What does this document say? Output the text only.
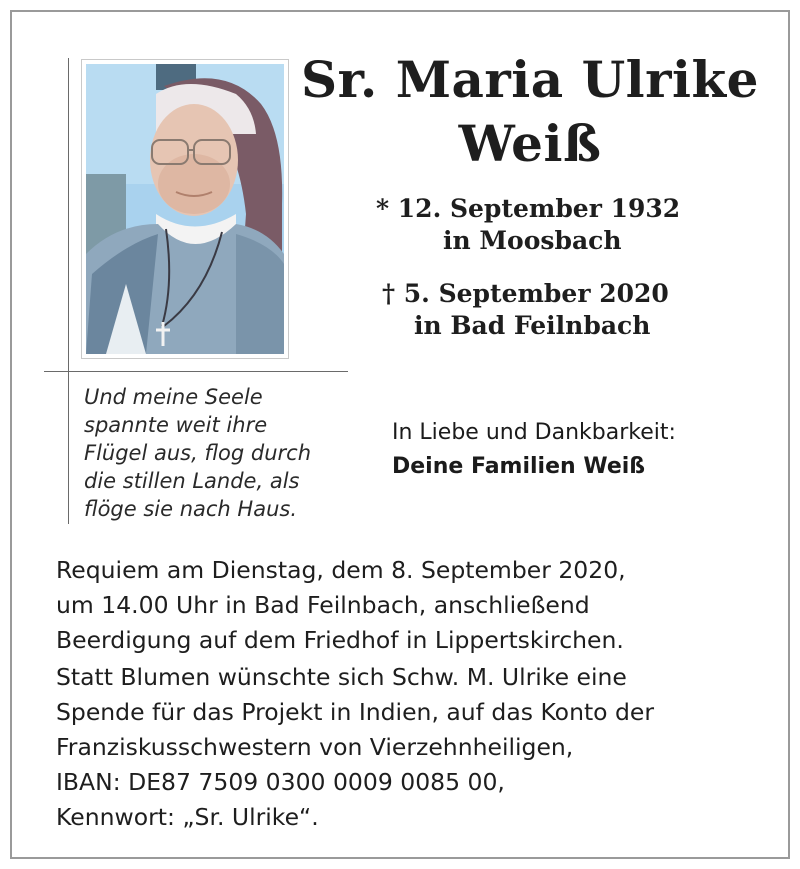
Sr. Maria Ulrike
Weiß
* 12. September 1932
in Moosbach
† 5. September 2020
in Bad Feilnbach
Und meine Seele
spannte weit ihre
Flügel aus, flog durch
die stillen Lande, als
flöge sie nach Haus.
In Liebe und Dankbarkeit:
Deine Familien Weiß
Requiem am Dienstag, dem 8. September 2020,
um 14.00 Uhr in Bad Feilnbach, anschließend
Beerdigung auf dem Friedhof in Lippertskirchen.
Statt Blumen wünschte sich Schw. M. Ulrike eine
Spende für das Projekt in Indien, auf das Konto der
Franziskusschwestern von Vierzehnheiligen,
IBAN: DE87 7509 0300 0009 0085 00,
Kennwort: „Sr. Ulrike“.
